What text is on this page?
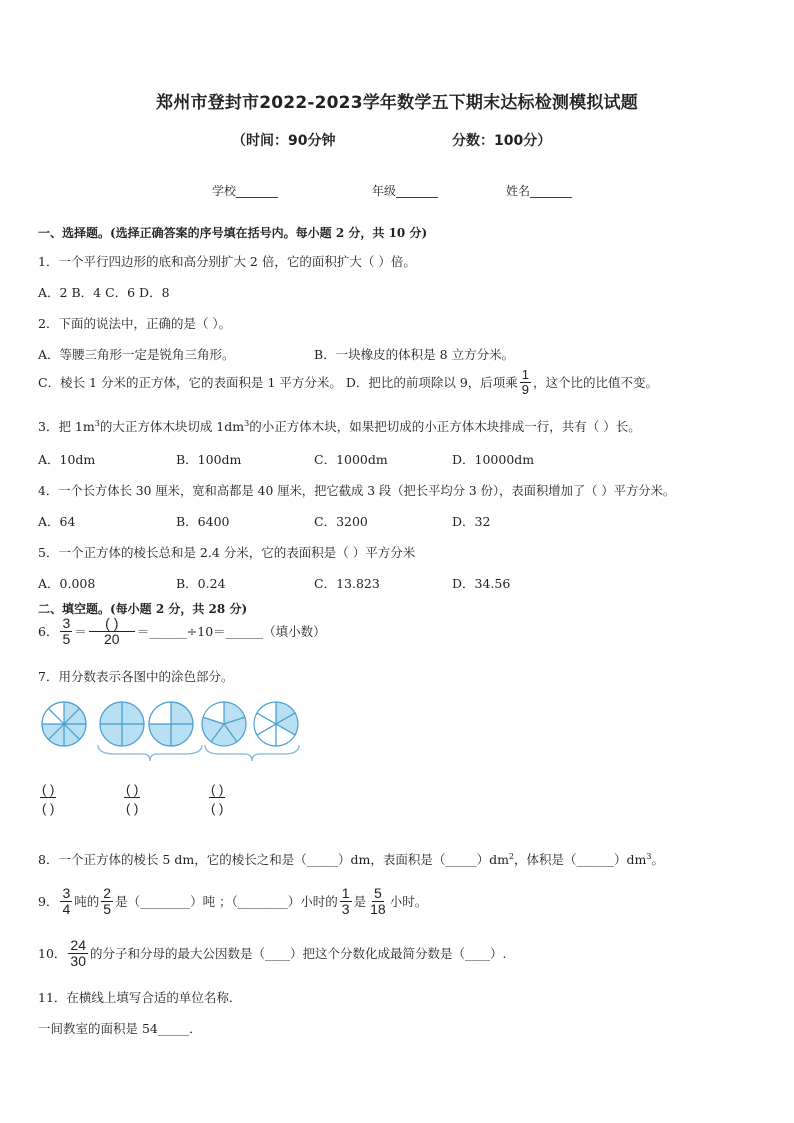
郑州市登封市2022-2023学年数学五下期末达标检测模拟试题
（时间：90分钟	分数：100分）
学校_______	年级_______	姓名_______
一、选择题。(选择正确答案的序号填在括号内。每小题 2 分，共 10 分)
1．一个平行四边形的底和高分别扩大 2 倍，它的面积扩大（ ）倍。
A．2 B．4 C．6 D．8
2．下面的说法中，正确的是（ ）。
A．等腰三角形一定是锐角三角形。	B．一块橡皮的体积是 8 立方分米。
C．棱长 1 分米的正方体，它的表面积是 1 平方分米。 D．把比的前项除以 9，后项乘 $\frac{1}{9}$ ，这个比的比值不变。
3．把 $1m^3$的大正方体木块切成 $1dm^3$的小正方体木块，如果把切成的小正方体木块排成一行，共有（ ）长。
A．10dm	B．100dm	C．1000dm	D．10000dm
4．一个长方体长 30 厘米，宽和高都是 40 厘米，把它截成 3 段（把长平均分 3 份），表面积增加了（ ）平方分米。
A．64	B．6400	C．3200	D．32
5．一个正方体的棱长总和是 2.4 分米，它的表面积是（ ）平方分米
A．0.008	B．0.24	C．13.823	D．34.56
二、填空题。(每小题 2 分，共 28 分)
6． $\frac{3}{5} = \frac{( )}{20}$ ＝______÷10＝______（填小数）
7．用分数表示各图中的涂色部分。
( )
( )
( )
( )
( )
( )
8．一个正方体的棱长 5 dm，它的棱长之和是（_____）dm，表面积是$(\_\_\_\_\_)dm^2$，体积是$(\_\_\_\_\_\_)dm^3$。
9． $\frac{3}{4}$ 吨的 $\frac{2}{5}$ 是（________）吨 ；（________）小时的 $\frac{1}{3}$ 是 $\frac{5}{18}$ 小时。
10． $\frac{24}{30}$ 的分子和分母的最大公因数是（____）把这个分数化成最简分数是（____）.
11．在横线上填写合适的单位名称．
一间教室的面积是 54_____．
